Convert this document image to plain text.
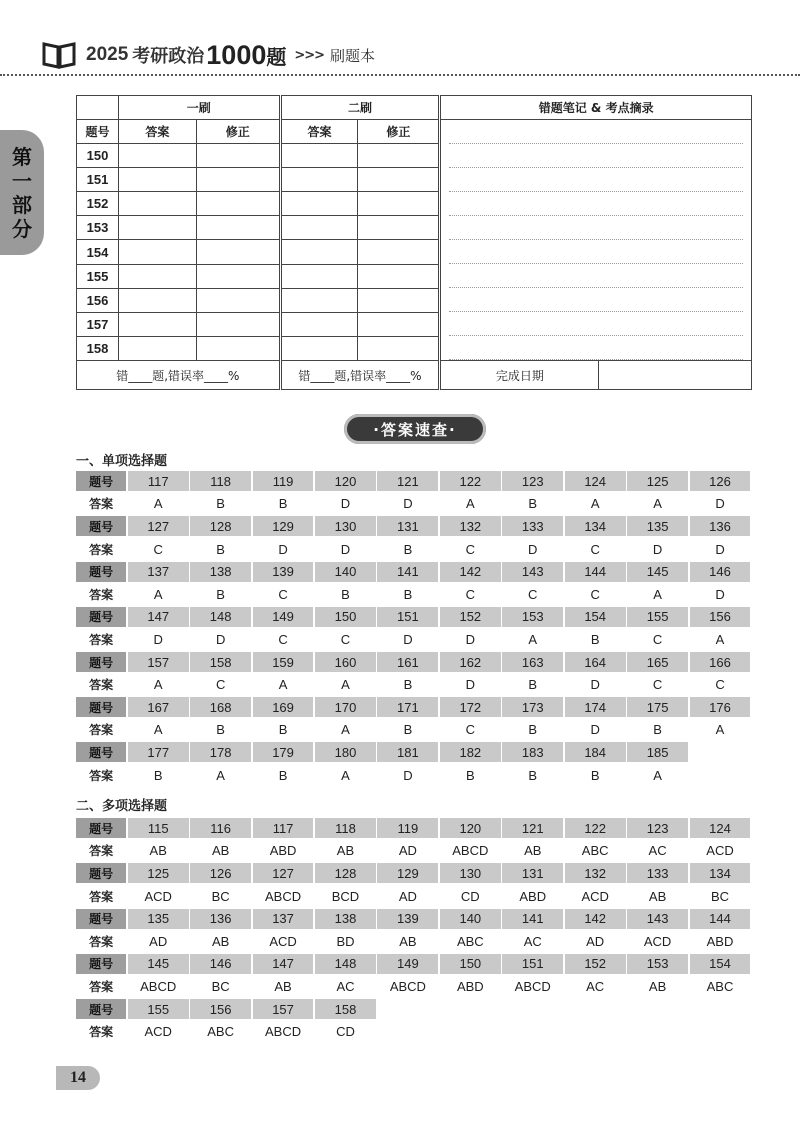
2025 考研政治 1000 题 >>> 刷题本
第
一
部
分
	一刷		二刷		错题笔记 & 考点摘录
题号	答案	修正	答案	修正	

150					
151					
152					
153					
154					
155					
156					
157					
158					
错____题,错误率____%			错____题,错误率____%		完成日期
·答案速查·
一、单项选择题
题号	117	118	119	120	121	122	123	124	125	126
答案	A	B	B	D	D	A	B	A	A	D
题号	127	128	129	130	131	132	133	134	135	136
答案	C	B	D	D	B	C	D	C	D	D
题号	137	138	139	140	141	142	143	144	145	146
答案	A	B	C	B	B	C	C	C	A	D
题号	147	148	149	150	151	152	153	154	155	156
答案	D	D	C	C	D	D	A	B	C	A
题号	157	158	159	160	161	162	163	164	165	166
答案	A	C	A	A	B	D	B	D	C	C
题号	167	168	169	170	171	172	173	174	175	176
答案	A	B	B	A	B	C	B	D	B	A
题号	177	178	179	180	181	182	183	184	185
答案	B	A	B	A	D	B	B	B	A
二、多项选择题
题号	115	116	117	118	119	120	121	122	123	124
答案	AB	AB	ABD	AB	AD	ABCD	AB	ABC	AC	ACD
题号	125	126	127	128	129	130	131	132	133	134
答案	ACD	BC	ABCD	BCD	AD	CD	ABD	ACD	AB	BC
题号	135	136	137	138	139	140	141	142	143	144
答案	AD	AB	ACD	BD	AB	ABC	AC	AD	ACD	ABD
题号	145	146	147	148	149	150	151	152	153	154
答案	ABCD	BC	AB	AC	ABCD	ABD	ABCD	AC	AB	ABC
题号	155	156	157	158
答案	ACD	ABC	ABCD	CD
14
